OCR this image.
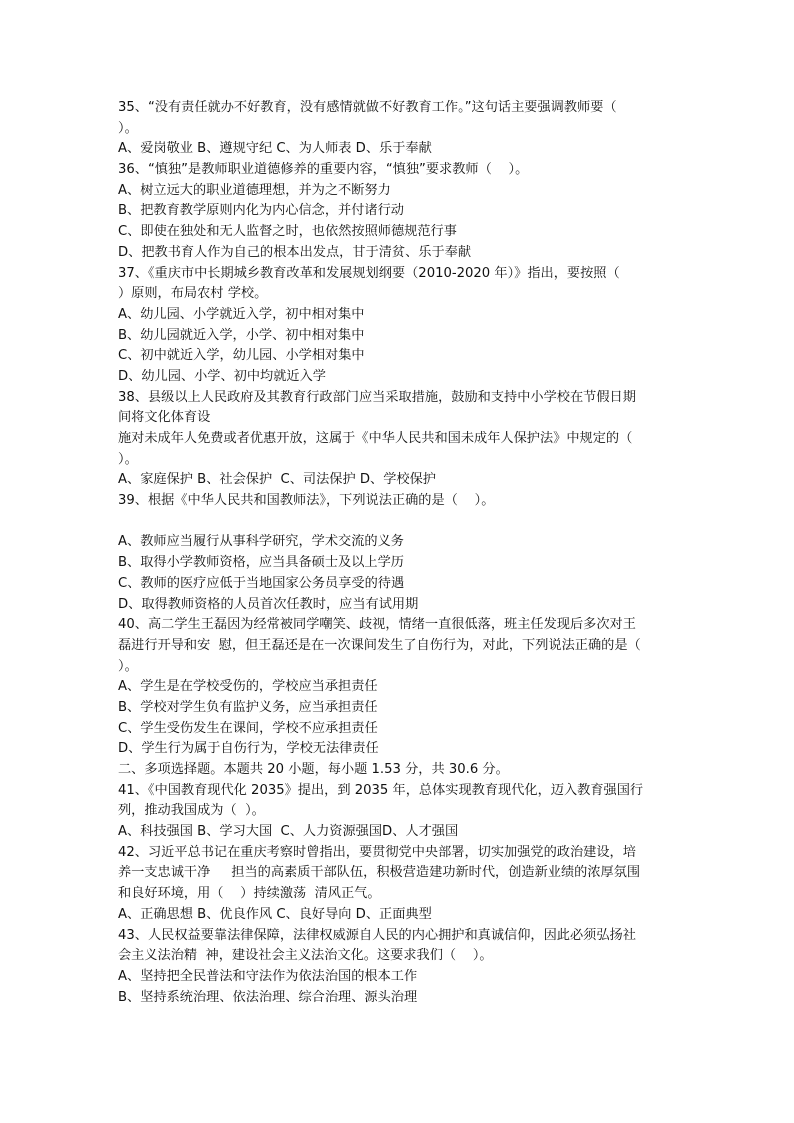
35、“没有责任就办不好教育，没有感情就做不好教育工作。”这句话主要强调教师要（
）。
A、爱岗敬业 B、遵规守纪 C、为人师表 D、乐于奉献
36、“慎独”是教师职业道德修养的重要内容，“慎独”要求教师（    ）。
A、树立远大的职业道德理想，并为之不断努力
B、把教育教学原则内化为内心信念，并付诸行动
C、即使在独处和无人监督之时，也依然按照师德规范行事
D、把教书育人作为自己的根本出发点，甘于清贫、乐于奉献
37、《重庆市中长期城乡教育改革和发展规划纲要（2010-2020 年）》指出，要按照（
）原则，布局农村 学校。
A、幼儿园、小学就近入学，初中相对集中
B、幼儿园就近入学，小学、初中相对集中
C、初中就近入学，幼儿园、小学相对集中
D、幼儿园、小学、初中均就近入学
38、县级以上人民政府及其教育行政部门应当采取措施，鼓励和支持中小学校在节假日期
间将文化体育设
施对未成年人免费或者优惠开放，这属于《中华人民共和国未成年人保护法》中规定的（
）。
A、家庭保护 B、社会保护  C、司法保护 D、学校保护
39、根据《中华人民共和国教师法》，下列说法正确的是（    ）。
A、教师应当履行从事科学研究，学术交流的义务
B、取得小学教师资格，应当具备硕士及以上学历
C、教师的医疗应低于当地国家公务员享受的待遇
D、取得教师资格的人员首次任教时，应当有试用期
40、高二学生王磊因为经常被同学嘲笑、歧视，情绪一直很低落，班主任发现后多次对王
磊进行开导和安  慰，但王磊还是在一次课间发生了自伤行为，对此，下列说法正确的是（
）。
A、学生是在学校受伤的，学校应当承担责任
B、学校对学生负有监护义务，应当承担责任
C、学生受伤发生在课间，学校不应承担责任
D、学生行为属于自伤行为，学校无法律责任
二、多项选择题。本题共 20 小题，每小题 1.53 分，共 30.6 分。
41、《中国教育现代化 2035》提出，到 2035 年，总体实现教育现代化，迈入教育强国行
列，推动我国成为（  ）。
A、科技强国 B、学习大国  C、人力资源强国D、人才强国
42、习近平总书记在重庆考察时曾指出，要贯彻党中央部署，切实加强党的政治建设，培
养一支忠诚干净     担当的高素质干部队伍，积极营造建功新时代，创造新业绩的浓厚氛围
和良好环境，用（    ）持续激荡  清风正气。
A、正确思想 B、优良作风 C、良好导向 D、正面典型
43、人民权益要靠法律保障，法律权威源自人民的内心拥护和真诚信仰，因此必须弘扬社
会主义法治精  神，建设社会主义法治文化。这要求我们（    ）。
A、坚持把全民普法和守法作为依法治国的根本工作
B、坚持系统治理、依法治理、综合治理、源头治理
